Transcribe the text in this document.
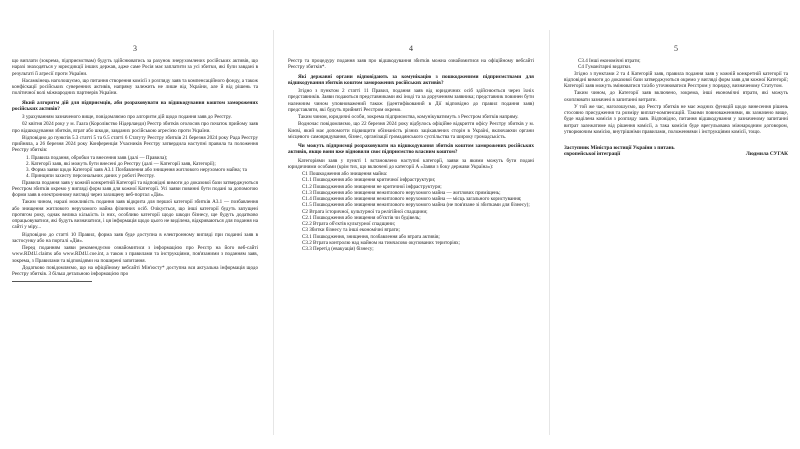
3

що виплати (зокрема, підприємствам) будуть здійснюватись за рахунок знерухомлених російських активів, що наразі знаходяться у юрисдикції інших держав, адже саме Росія має заплатити за усі збитки, які були завдані в результаті її агресії проти України.

Насамкінець наголошуємо, що питання створення комісії з розгляду заяв та компенсаційного фонду, а також конфіскації російських суверенних активів, напряму залежить не лише від України, але й від рішень та політичної волі міжнародних партнерів України.

Який алгоритм дій для підприємців, аби розраховувати на відшкодування коштом заморожених російських активів?

З урахуванням зазначеного вище, повідомляємо про алгоритм дій щодо подання заяв до Реєстру.

02 квітня 2024 року у м. Гаага (Королівство Нідерланди) Реєстр збитків оголосив про початок прийому заяв про відшкодування збитків, втрат або шкоди, завданих російською агресією проти України.

Відповідно до пунктів 5.3 статті 5 та 6.5 статті 6 Статуту Реєстру збитків 21 березня 2024 року Рада Реєстру прийняла, а 26 березня 2024 року Конференція Учасників Реєстру затвердила наступні правила та положення Реєстру збитків:

1. Правила подання, обробки та внесення заяв (далі — Правила);

2. Категорії заяв, які можуть бути внесені до Реєстру (далі — Категорії заяв, Категорії);

3. Форма заяви щодо Категорії заяв А3.1 Позбавлення або знищення житлового нерухомого майна; та

4. Принципи захисту персональних даних у роботі Реєстру.

Правила подання заяв у кожній конкретній Категорії та відповідні вимоги до доказової бази затверджуються Реєстром збитків окремо у вигляді форм заяв для кожної Категорії. Усі заяви повинні бути подані за допомогою форми заяв в електронному вигляді через захищену веб-портал «Дія».

Таким чином, наразі можливість подання заяв відкрита для першої категорії збитків А3.1 — позбавлення або знищення житлового нерухомого майна фізичних осіб. Очікується, що інші категорії будуть запущені протягом року, однак велика кількість із них, особливо категорії щодо шкоди бізнесу, ще будуть додатково опрацьовуватися, які будуть визначатися, і ця інформація щодо цього не виділена, відкриваються для подання на сайті у міру...

Відповідно до статті 10 Правил, форма заяв буде доступна в електронному вигляді при поданні заяв в застосунку або на порталі «Дія».

Перед поданням заяви рекомендуємо ознайомитися з інформацією про Реєстр на його веб-сайті www.RD4U.claims або www.RD4U.coe.int, а також з правилами та інструкціями, пов'язаними з поданням заяв, зокрема, з Правилами та відповідями на поширені запитання.

Додатково повідомляємо, що на офіційному вебсайті Мін'юсту* доступна вся актуальна інформація щодо Реєстру збитків. З більш детальною інформацією про

4

Реєстр та процедуру подання заяв про відшкодування збитків можна ознайомитися на офіційному вебсайті Реєстру збитків*.

Які державні органи відповідають за комунікацію з пошкодженими підприємствами для відшкодування збитків коштом заморожених російських активів?

Згідно з пунктом 2 статті 11 Правил, подання заяв від юридичних осіб здійснюється через їхніх представників. Заяви подаються представниками які іноді та за дорученням заявника; представник повинен бути належним чином уповноважений також (ідентифікований в Дії відповідно до правил подання заяв) представляти, які будуть прийняті Реєстром окремо.

Таким чином, юридичні особи, зокрема підприємства, комунікуватимуть з Реєстром збитків напряму.

Водночас повідомляємо, що 22 березня 2024 року відбулось офіційне відкриття офісу Реєстру збитків у м. Києві, який має допомогти підвищити обізнаність різних зацікавлених сторін в Україні, включаючи органи місцевого самоврядування, бізнес, організації громадянського суспільства та широку громадськість.

Чи можуть підприємці розраховувати на відшкодування збитків коштом заморожених російських активів, якщо вони вже відновили своє підприємство власним коштом?

Категоріями заяв у пункті 1 встановлено наступні категорії, заяви за якими можуть бути подані юридичними особами (крім тих, що включені до категорії А «Заяви з боку держави Україна»):

С1 Пошкодження або знищення майна:

С1.1 Пошкодження або знищення критичної інфраструктури;

С1.2 Пошкодження або знищення не критичної інфраструктури;

С1.3 Пошкодження або знищення нежитлового нерухомого майна — житлових приміщень;

С1.4 Пошкодження або знищення нежитлового нерухомого майна — місць загального користування;

С1.5 Пошкодження або знищення нежитлового нерухомого майна (не пов'язане зі збитками для бізнесу);

С2 Втрата історичної, культурної та релігійної спадщини;

С2.1 Пошкодження або знищення об'єктів чи будівель;

С2.2 Втрата об'єктів культурної спадщини;

С3 Збитки бізнесу та інші економічні втрати;

С3.1 Пошкодження, знищення, позбавлення або втрата активів;

С3.2 Втрата контролю над майном на тимчасово окупованих територіях;

С3.3 Перетід (евакуація) бізнесу;

5

С3.4 Інші економічні втрати;

С4 Гуманітарні видатки.

Згідно з пунктами 2 та 4 Категорій заяв, правила подання заяв у кожній конкретній категорії та відповідні вимоги до доказової бази затверджуються окремо у вигляді форм заяв для кожної Категорії; Категорії заяв можуть змінюватися та/або уточнюватися Реєстром у порядку, визначеному Статутом.

Таким чином, до Категорії заяв включено, зокрема, інші економічні втрати, які можуть охоплювати зазначені в запитанні витрати.

У той же час, наголошуємо, що Реєстр збитків не має жодних функцій щодо винесення рішень стосовно присудження та розміру виплат-компенсацій. Такими повноваженнями, як зазначено вище, буде наділена комісія з розгляду заяв. Відповідно, питання відшкодування у зазначеному запитанні витрат залежатиме від рішення комісії, а така комісія буде врегульована міжнародним договором, утворюючим комісію, внутрішніми правилами, положеннями і інструкціями комісії, тощо.

Заступник Міністра юстиції України з питань європейської інтеграції	Людмила СУГАК
